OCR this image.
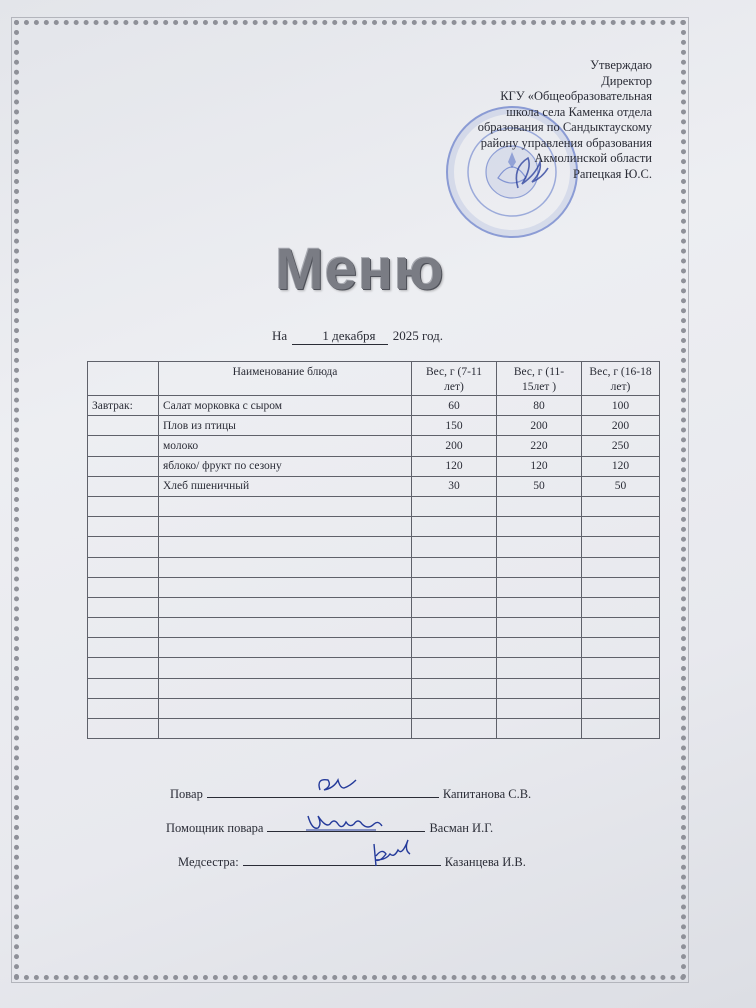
Утверждаю
Директор
КГУ «Общеобразовательная
школа села Каменка отдела
образования по Сандыктаускому
району управления образования
Акмолинской области
Рапецкая Ю.С.
Меню
На	1 декабря 2025 год.
	Наименование блюда	Вес, г (7-11 лет)	Вес, г (11-15лет )	Вес, г (16-18 лет)
Завтрак:	Салат морковка с сыром	60	80	100
	Плов из птицы	150	200	200
	молоко	200	220	250
	яблоко/ фрукт по сезону	120	120	120
	Хлеб пшеничный	30	50	50

Повар	Капитанова С.В.
Помощник повара	Васман И.Г.
Медсестра:	Казанцева И.В.
